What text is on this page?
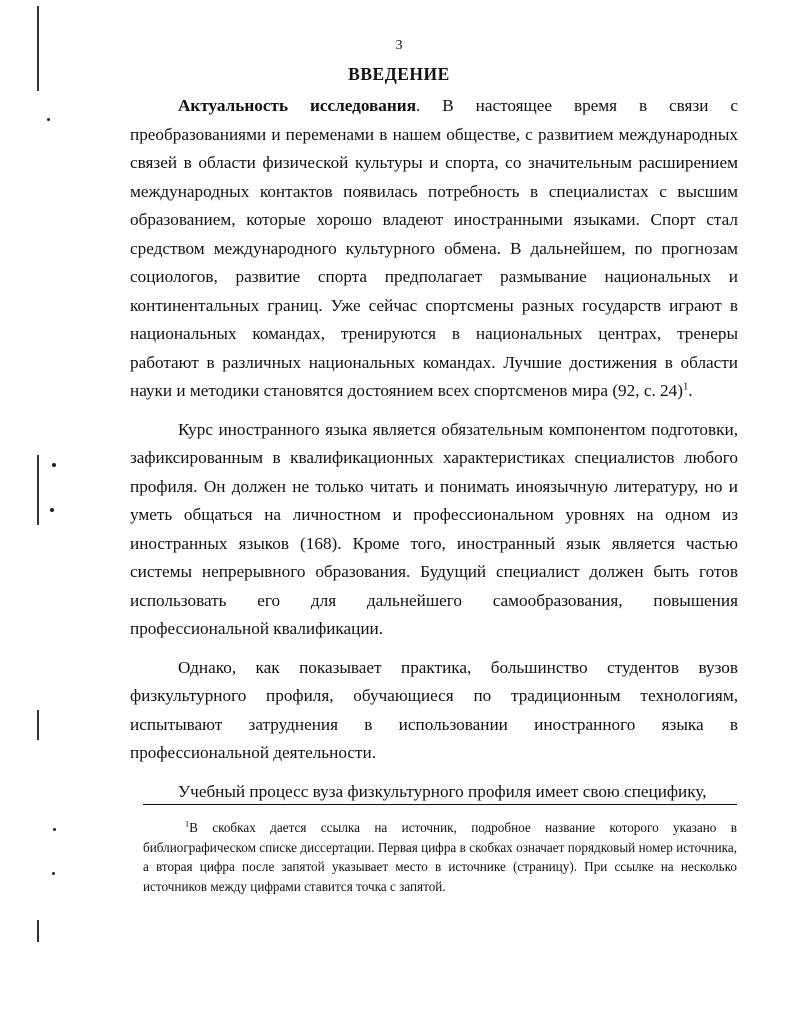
3
ВВЕДЕНИЕ

Актуальность исследования. В настоящее время в связи с преобразованиями и переменами в нашем обществе, с развитием международных связей в области физической культуры и спорта, со значительным расширением международных контактов появилась потребность в специалистах с высшим образованием, которые хорошо владеют иностранными языками. Спорт стал средством международного культурного обмена. В дальнейшем, по прогнозам социологов, развитие спорта предполагает размывание национальных и континентальных границ. Уже сейчас спортсмены разных государств играют в национальных командах, тренируются в национальных центрах, тренеры работают в различных национальных командах. Лучшие достижения в области науки и методики становятся достоянием всех спортсменов мира (92, с. 24)$^1$.

Курс иностранного языка является обязательным компонентом подготовки, зафиксированным в квалификационных характеристиках специалистов любого профиля. Он должен не только читать и понимать иноязычную литературу, но и уметь общаться на личностном и профессиональном уровнях на одном из иностранных языков (168). Кроме того, иностранный язык является частью системы непрерывного образования. Будущий специалист должен быть готов использовать его для дальнейшего самообразования, повышения профессиональной квалификации.

Однако, как показывает практика, большинство студентов вузов физкультурного профиля, обучающиеся по традиционным технологиям, испытывают затруднения в использовании иностранного языка в профессиональной деятельности.

Учебный процесс вуза физкультурного профиля имеет свою специфику,

$^1$В скобках дается ссылка на источник, подробное название которого указано в библиографическом списке диссертации. Первая цифра в скобках означает порядковый номер источника, а вторая цифра после запятой указывает место в источнике (страницу). При ссылке на несколько источников между цифрами ставится точка с запятой.
